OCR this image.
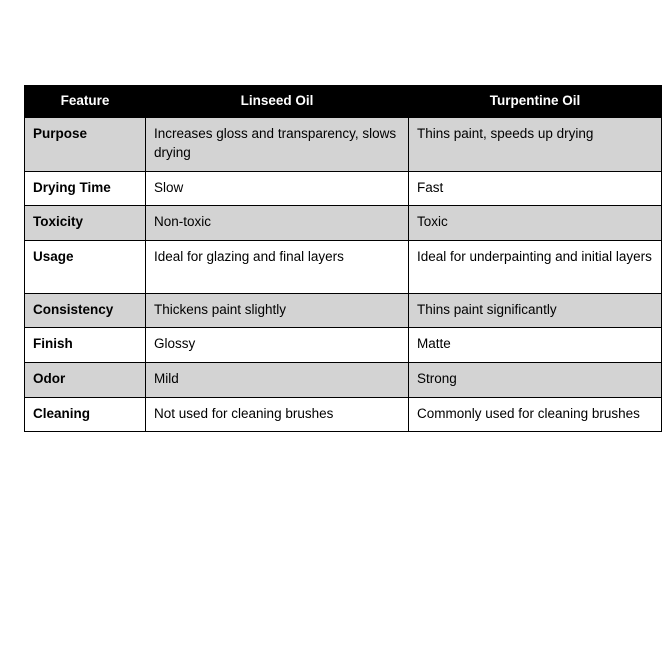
Feature	Linseed Oil	Turpentine Oil
Purpose	Increases gloss and transparency, slows drying	Thins paint, speeds up drying
Drying Time	Slow	Fast
Toxicity	Non-toxic	Toxic
Usage	Ideal for glazing and final layers	Ideal for underpainting and initial layers
Consistency	Thickens paint slightly	Thins paint significantly
Finish	Glossy	Matte
Odor	Mild	Strong
Cleaning	Not used for cleaning brushes	Commonly used for cleaning brushes
